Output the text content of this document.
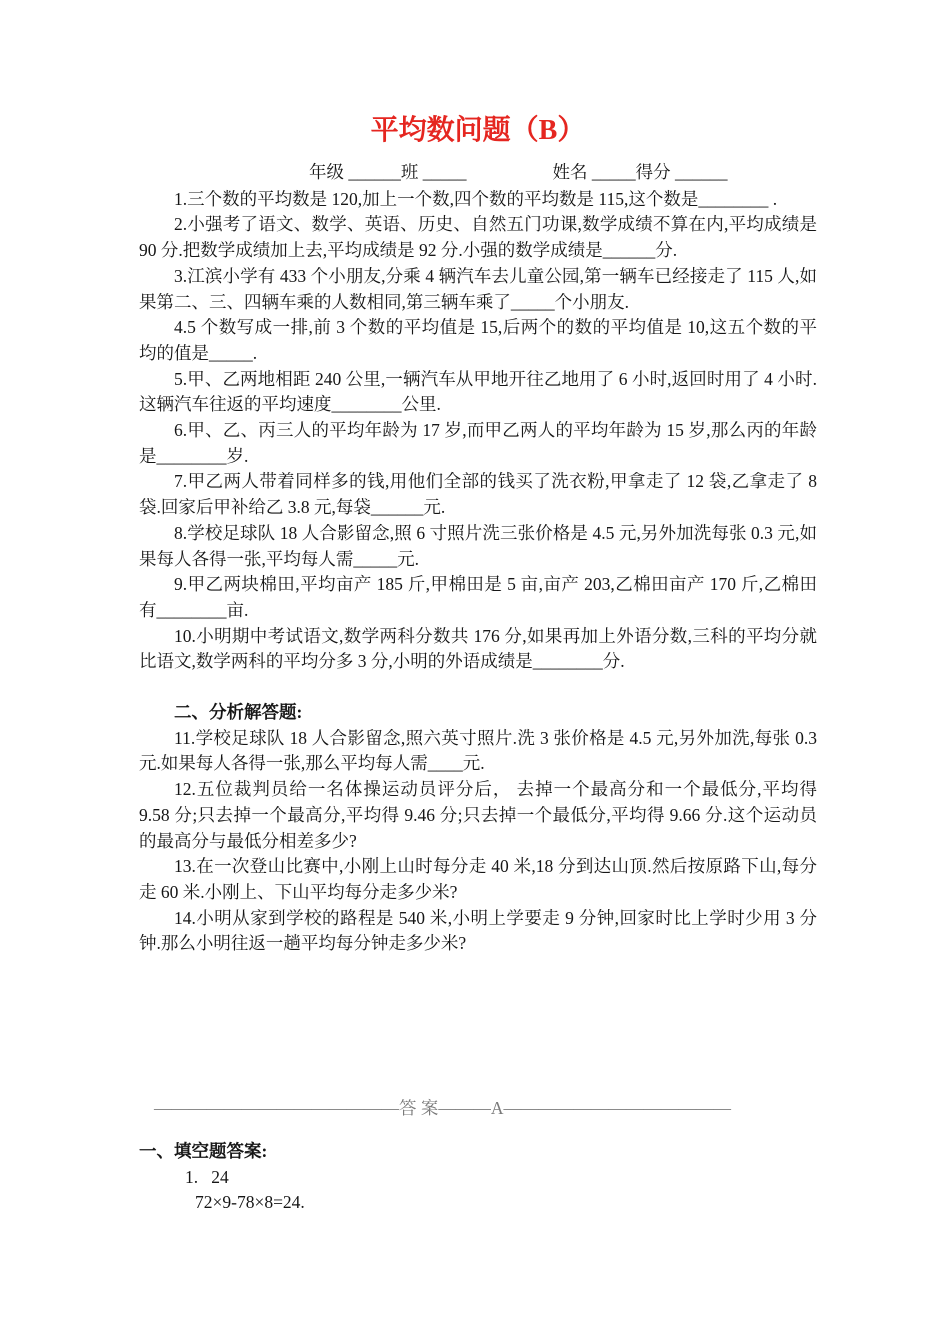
平均数问题（B）
年级 ______班 _____	姓名 _____得分 ______

1.三个数的平均数是 120,加上一个数,四个数的平均数是 115,这个数是________ .

2.小强考了语文、数学、英语、历史、自然五门功课,数学成绩不算在内,平均成绩是 90 分.把数学成绩加上去,平均成绩是 92 分.小强的数学成绩是______分.

3.江滨小学有 433 个小朋友,分乘 4 辆汽车去儿童公园,第一辆车已经接走了 115 人,如果第二、三、四辆车乘的人数相同,第三辆车乘了_____个小朋友.

4.5 个数写成一排,前 3 个数的平均值是 15,后两个的数的平均值是 10,这五个数的平均的值是_____.

5.甲、乙两地相距 240 公里,一辆汽车从甲地开往乙地用了 6 小时,返回时用了 4 小时.这辆汽车往返的平均速度________公里.

6.甲、乙、丙三人的平均年龄为 17 岁,而甲乙两人的平均年龄为 15 岁,那么丙的年龄是________岁.

7.甲乙两人带着同样多的钱,用他们全部的钱买了洗衣粉,甲拿走了 12 袋,乙拿走了 8 袋.回家后甲补给乙 3.8 元,每袋______元.

8.学校足球队 18 人合影留念,照 6 寸照片洗三张价格是 4.5 元,另外加洗每张 0.3 元,如果每人各得一张,平均每人需_____元.

9.甲乙两块棉田,平均亩产 185 斤,甲棉田是 5 亩,亩产 203,乙棉田亩产 170 斤,乙棉田有________亩.

10.小明期中考试语文,数学两科分数共 176 分,如果再加上外语分数,三科的平均分就比语文,数学两科的平均分多 3 分,小明的外语成绩是________分.

二、分析解答题:

11.学校足球队 18 人合影留念,照六英寸照片.洗 3 张价格是 4.5 元,另外加洗,每张 0.3 元.如果每人各得一张,那么平均每人需____元.

12.五位裁判员给一名体操运动员评分后， 去掉一个最高分和一个最低分,平均得 9.58 分;只去掉一个最高分,平均得 9.46 分;只去掉一个最低分,平均得 9.66 分.这个运动员的最高分与最低分相差多少?

13.在一次登山比赛中,小刚上山时每分走 40 米,18 分到达山顶.然后按原路下山,每分走 60 米.小刚上、下山平均每分走多少米?

14.小明从家到学校的路程是 540 米,小明上学要走 9 分钟,回家时比上学时少用 3 分钟.那么小明往返一趟平均每分钟走多少米?

——————————————答 案———A—————————————

一、填空题答案:

1.   24

72×9-78×8=24.
